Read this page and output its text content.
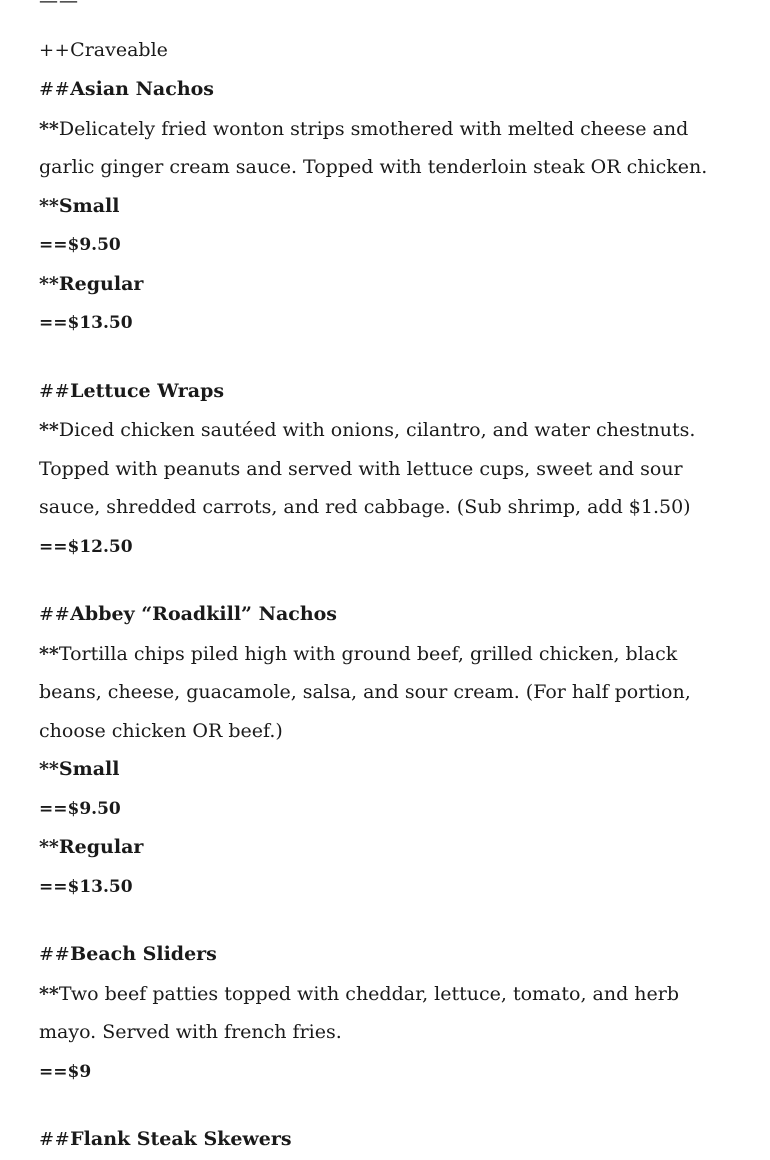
——

++Craveable

##Asian Nachos

**Delicately fried wonton strips smothered with melted cheese and garlic ginger cream sauce. Topped with tenderloin steak OR chicken.

**Small

==$9.50

**Regular

==$13.50

##Lettuce Wraps

**Diced chicken sautéed with onions, cilantro, and water chestnuts. Topped with peanuts and served with lettuce cups, sweet and sour sauce, shredded carrots, and red cabbage. (Sub shrimp, add $1.50)

==$12.50

##Abbey “Roadkill” Nachos

**Tortilla chips piled high with ground beef, grilled chicken, black beans, cheese, guacamole, salsa, and sour cream. (For half portion, choose chicken OR beef.)

**Small

==$9.50

**Regular

==$13.50

##Beach Sliders

**Two beef patties topped with cheddar, lettuce, tomato, and herb mayo. Served with french fries.

==$9

##Flank Steak Skewers
